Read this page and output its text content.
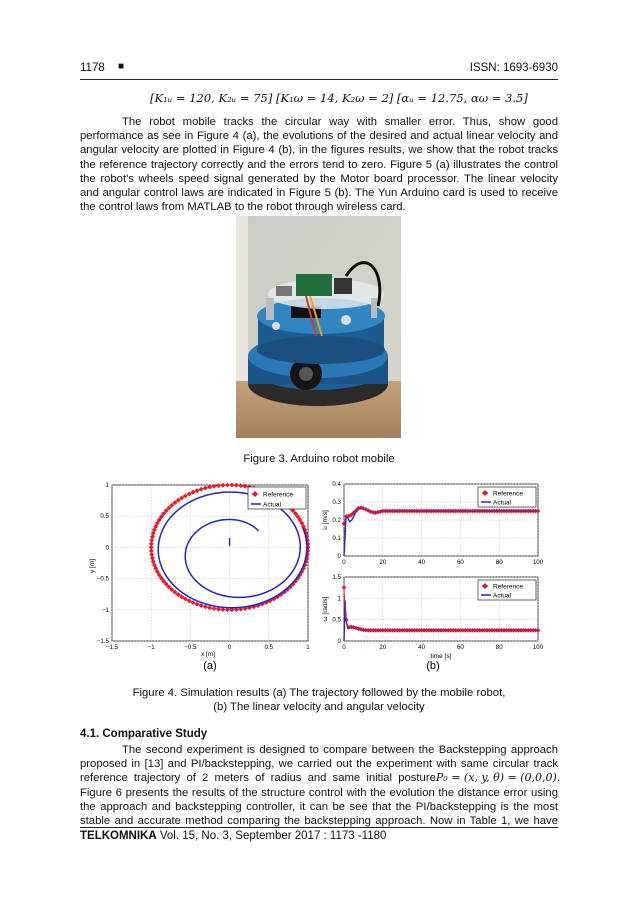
1178 ■	ISSN: 1693-6930
[K₁ᵤ = 120, K₂ᵤ = 75] [K₁ω = 14, K₂ω = 2] [αᵤ = 12.75, αω = 3.5]
The robot mobile tracks the circular way with smaller error. Thus, show good
performance as see in Figure 4 (a), the evolutions of the desired and actual linear velocity and
angular velocity are plotted in Figure 4 (b), in the figures results, we show that the robot tracks
the reference trajectory correctly and the errors tend to zero. Figure 5 (a) illustrates the control
the robot's wheels speed signal generated by the Motor board processor. The linear velocity
and angular control laws are indicated in Figure 5 (b). The Yun Arduino card is used to receive
the control laws from MATLAB to the robot through wireless card.
Figure 3. Arduino robot mobile
−1.5	−1	−0.5	0	0.5	1
1
0.5
0
−0.5
−1
−1.5
Reference
Actual
x [m]
y [m]
(a)
0	20	40	60	80	100
0.4
0.3
0.2
0.1
0
Reference
Actual
u [m/s]
0	20	40	60	80	100
1.5
1
0.5
0
Reference
Actual
ω [rad/s]
time [s]
(b)
Figure 4. Simulation results (a) The trajectory followed by the mobile robot,
(b) The linear velocity and angular velocity
4.1. Comparative Study
The second experiment is designed to compare between the Backstepping approach
proposed in [13] and PI/backstepping, we carried out the experiment with same circular track
reference trajectory of 2 meters of radius and same initial posture P₀ = (x, y, θ) = (0,0,0).
Figure 6 presents the results of the structure control with the evolution the distance error using
the approach and backstepping controller, it can be see that the PI/backstepping is the most
stable and accurate method comparing the backstepping approach. Now in Table 1, we have
TELKOMNIKA Vol. 15, No. 3, September 2017 : 1173 -1180
